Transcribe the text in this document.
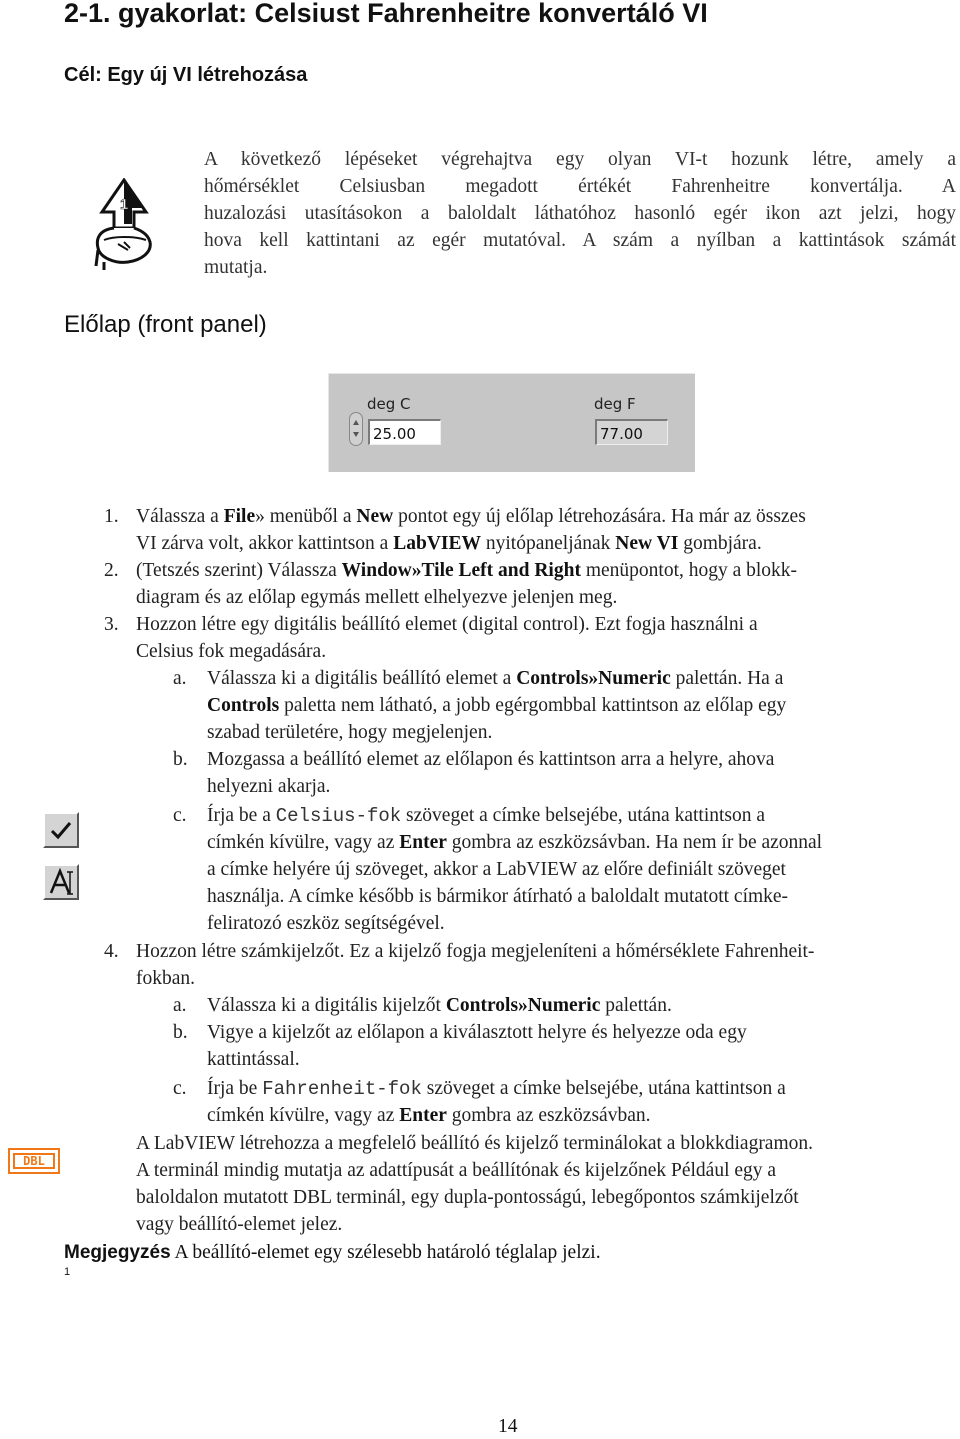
2-1. gyakorlat: Celsiust Fahrenheitre konvertáló VI
Cél: Egy új VI létrehozása
1
A következő lépéseket végrehajtva egy olyan VI-t hozunk létre, amely a
hőmérséklet Celsiusban megadott értékét Fahrenheitre konvertálja. A
huzalozási utasításokon a baloldalt láthatóhoz hasonló egér ikon azt jelzi, hogy
hova kell kattintani az egér mutatóval. A szám a nyílban a kattintások számát
mutatja.
Előlap (front panel)
deg C
25.00
deg F
77.00
1. Válassza a File» menüből a New pontot egy új előlap létrehozására. Ha már az összes
VI zárva volt, akkor kattintson a LabVIEW nyitópaneljának New VI gombjára.
2. (Tetszés szerint) Válassza Window»Tile Left and Right menüpontot, hogy a blokk-
diagram és az előlap egymás mellett elhelyezve jelenjen meg.
3. Hozzon létre egy digitális beállító elemet (digital control). Ezt fogja használni a
Celsius fok megadására.
a. Válassza ki a digitális beállító elemet a Controls»Numeric palettán. Ha a
Controls paletta nem látható, a jobb egérgombbal kattintson az előlap egy
szabad területére, hogy megjelenjen.
b. Mozgassa a beállító elemet az előlapon és kattintson arra a helyre, ahova
helyezni akarja.
c. Írja be a Celsius-fok szöveget a címke belsejébe, utána kattintson a
címkén kívülre, vagy az Enter gombra az eszközsávban. Ha nem ír be azonnal
a címke helyére új szöveget, akkor a LabVIEW az előre definiált szöveget
használja. A címke később is bármikor átírható a baloldalt mutatott címke-
feliratozó eszköz segítségével.
4. Hozzon létre számkijelzőt. Ez a kijelző fogja megjeleníteni a hőmérséklete Fahrenheit-
fokban.
a. Válassza ki a digitális kijelzőt Controls»Numeric palettán.
b. Vigye a kijelzőt az előlapon a kiválasztott helyre és helyezze oda egy
kattintással.
c. Írja be Fahrenheit-fok szöveget a címke belsejébe, utána kattintson a
címkén kívülre, vagy az Enter gombra az eszközsávban.
DBL
A LabVIEW létrehozza a megfelelő beállító és kijelző terminálokat a blokkdiagramon.
A terminál mindig mutatja az adattípusát a beállítónak és kijelzőnek Például egy a
baloldalon mutatott DBL terminál, egy dupla-pontosságú, lebegőpontos számkijelzőt
vagy beállító-elemet jelez.
Megjegyzés A beállító-elemet egy szélesebb határoló téglalap jelzi.
1
14
